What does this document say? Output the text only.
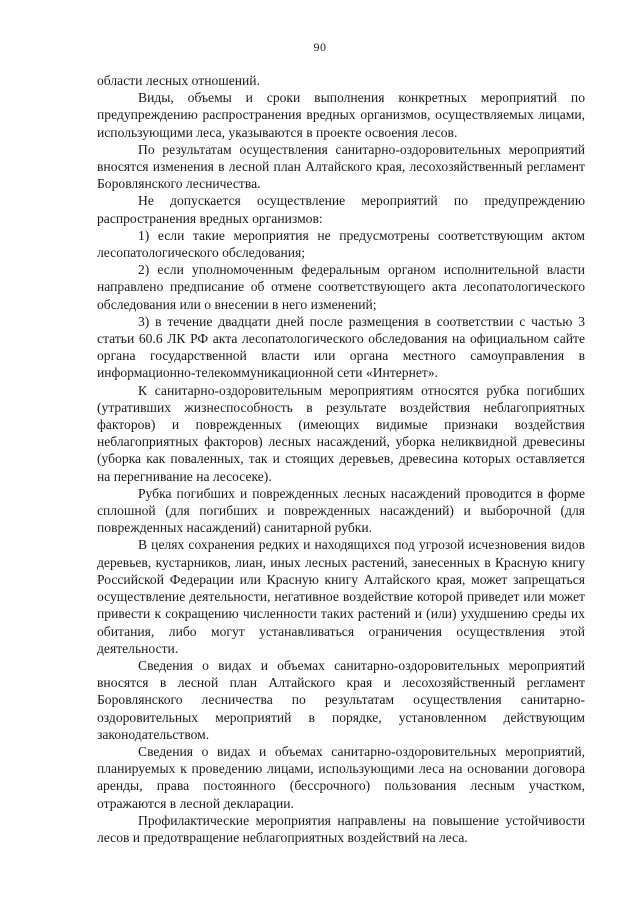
90

области лесных отношений.

Виды, объемы и сроки выполнения конкретных мероприятий по предупреждению распространения вредных организмов, осуществляемых лицами, использующими леса, указываются в проекте освоения лесов.

По результатам осуществления санитарно-оздоровительных мероприятий вносятся изменения в лесной план Алтайского края, лесохозяйственный регламент Боровлянского лесничества.

Не допускается осуществление мероприятий по предупреждению распространения вредных организмов:

1) если такие мероприятия не предусмотрены соответствующим актом лесопатологического обследования;

2) если уполномоченным федеральным органом исполнительной власти направлено предписание об отмене соответствующего акта лесопатологического обследования или о внесении в него изменений;

3) в течение двадцати дней после размещения в соответствии с частью 3 статьи 60.6 ЛК РФ акта лесопатологического обследования на официальном сайте органа государственной власти или органа местного самоуправления в информационно-телекоммуникационной сети «Интернет».

К санитарно-оздоровительным мероприятиям относятся рубка погибших (утративших жизнеспособность в результате воздействия неблагоприятных факторов) и поврежденных (имеющих видимые признаки воздействия неблагоприятных факторов) лесных насаждений, уборка неликвидной древесины (уборка как поваленных, так и стоящих деревьев, древесина которых оставляется на перегнивание на лесосеке).

Рубка погибших и поврежденных лесных насаждений проводится в форме сплошной (для погибших и поврежденных насаждений) и выборочной (для поврежденных насаждений) санитарной рубки.

В целях сохранения редких и находящихся под угрозой исчезновения видов деревьев, кустарников, лиан, иных лесных растений, занесенных в Красную книгу Российской Федерации или Красную книгу Алтайского края, может запрещаться осуществление деятельности, негативное воздействие которой приведет или может привести к сокращению численности таких растений и (или) ухудшению среды их обитания, либо могут устанавливаться ограничения осуществления этой деятельности.

Сведения о видах и объемах санитарно-оздоровительных мероприятий вносятся в лесной план Алтайского края и лесохозяйственный регламент Боровлянского лесничества по результатам осуществления санитарно-оздоровительных мероприятий в порядке, установленном действующим законодательством.

Сведения о видах и объемах санитарно-оздоровительных мероприятий, планируемых к проведению лицами, использующими леса на основании договора аренды, права постоянного (бессрочного) пользования лесным участком, отражаются в лесной декларации.

Профилактические мероприятия направлены на повышение устойчивости лесов и предотвращение неблагоприятных воздействий на леса.
